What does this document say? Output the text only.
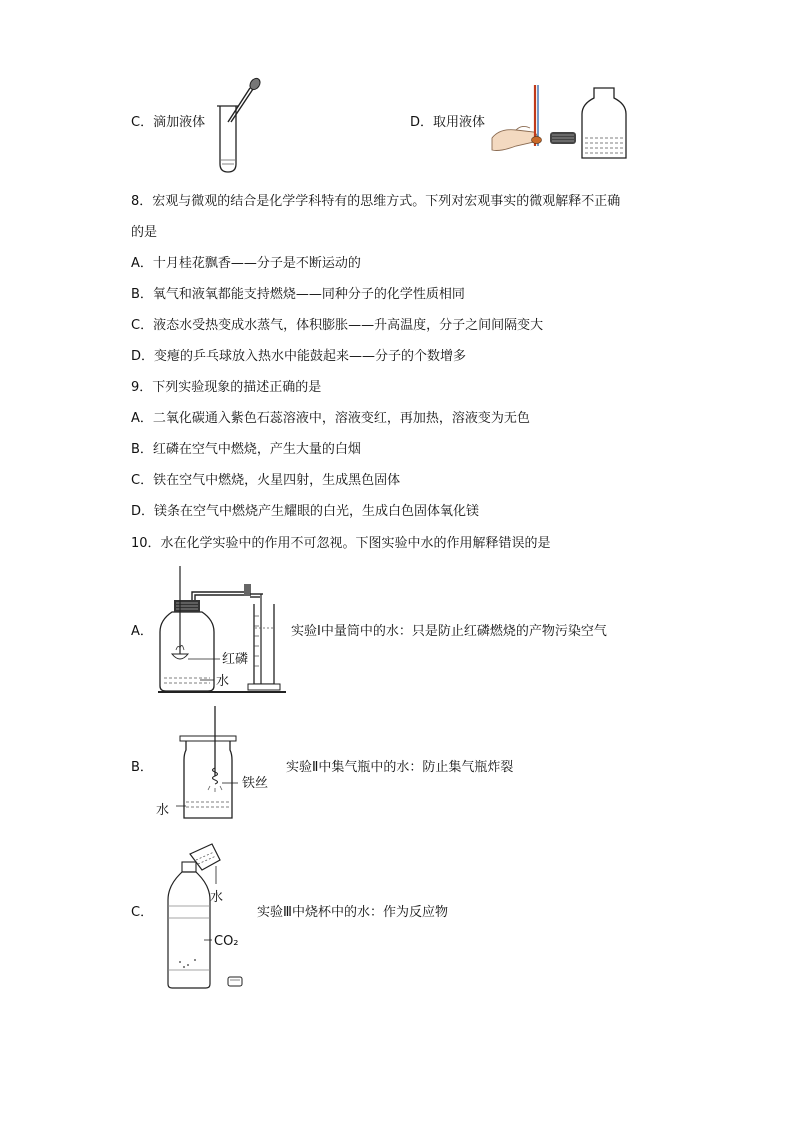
C．滴加液体	D．取用液体
8．宏观与微观的结合是化学学科特有的思维方式。下列对宏观事实的微观解释不正确
的是
A．十月桂花飘香——分子是不断运动的
B．氧气和液氧都能支持燃烧——同种分子的化学性质相同
C．液态水受热变成水蒸气，体积膨胀——升高温度，分子之间间隔变大
D．变瘪的乒乓球放入热水中能鼓起来——分子的个数增多
9．下列实验现象的描述正确的是
A．二氧化碳通入紫色石蕊溶液中，溶液变红，再加热，溶液变为无色
B．红磷在空气中燃烧，产生大量的白烟
C．铁在空气中燃烧，火星四射，生成黑色固体
D．镁条在空气中燃烧产生耀眼的白光，生成白色固体氧化镁
10．水在化学实验中的作用不可忽视。下图实验中水的作用解释错误的是
A．
红磷
水
实验Ⅰ中量筒中的水：只是防止红磷燃烧的产物污染空气
B．
铁丝
水
实验Ⅱ中集气瓶中的水：防止集气瓶炸裂
C．
水
CO₂
实验Ⅲ中烧杯中的水：作为反应物
